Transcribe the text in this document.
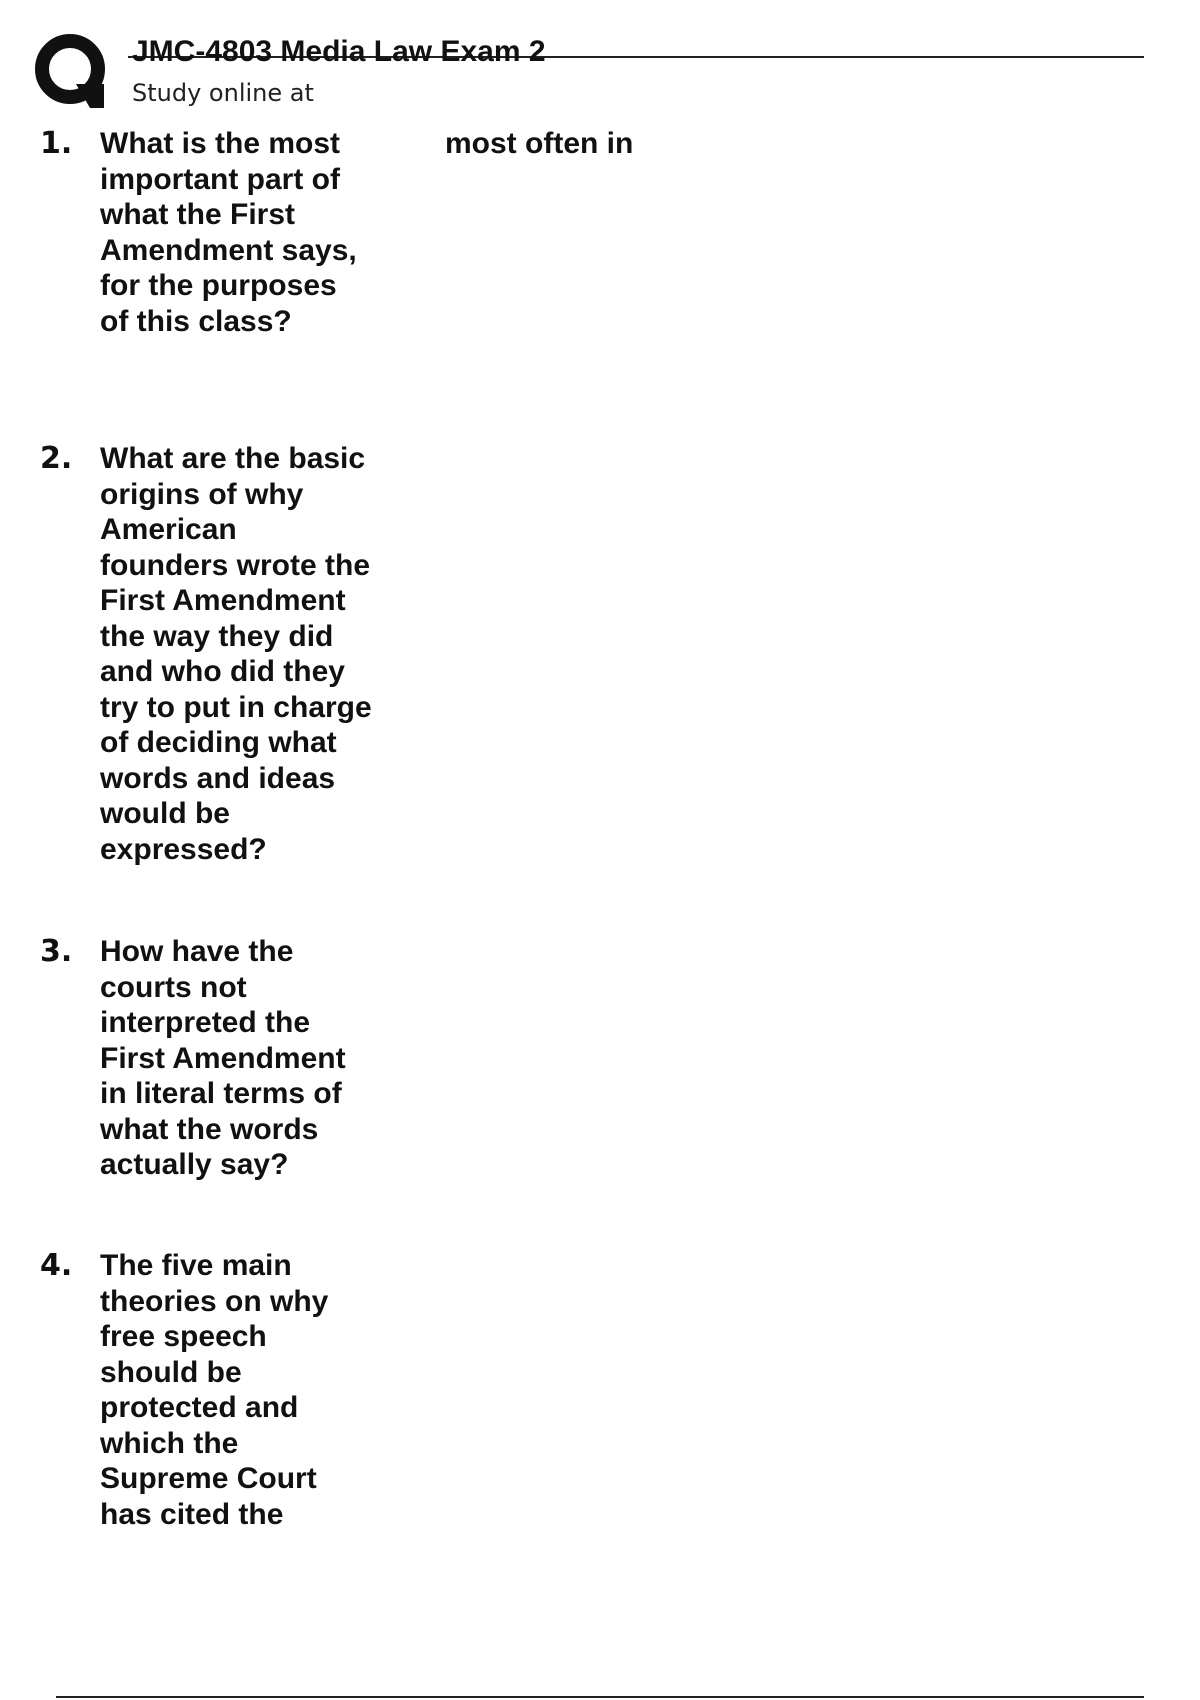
JMC-4803 Media Law Exam 2
Study online at
1. What is the most important part of what the First Amendment says, for the purposes of this class?
2. What are the basic origins of why American founders wrote the First Amendment the way they did and who did they try to put in charge of deciding what words and ideas would be expressed?
3. How have the courts not interpreted the First Amendment in literal terms of what the words actually say?
4. The five main theories on why free speech should be protected and which the Supreme Court has cited the
most often in
